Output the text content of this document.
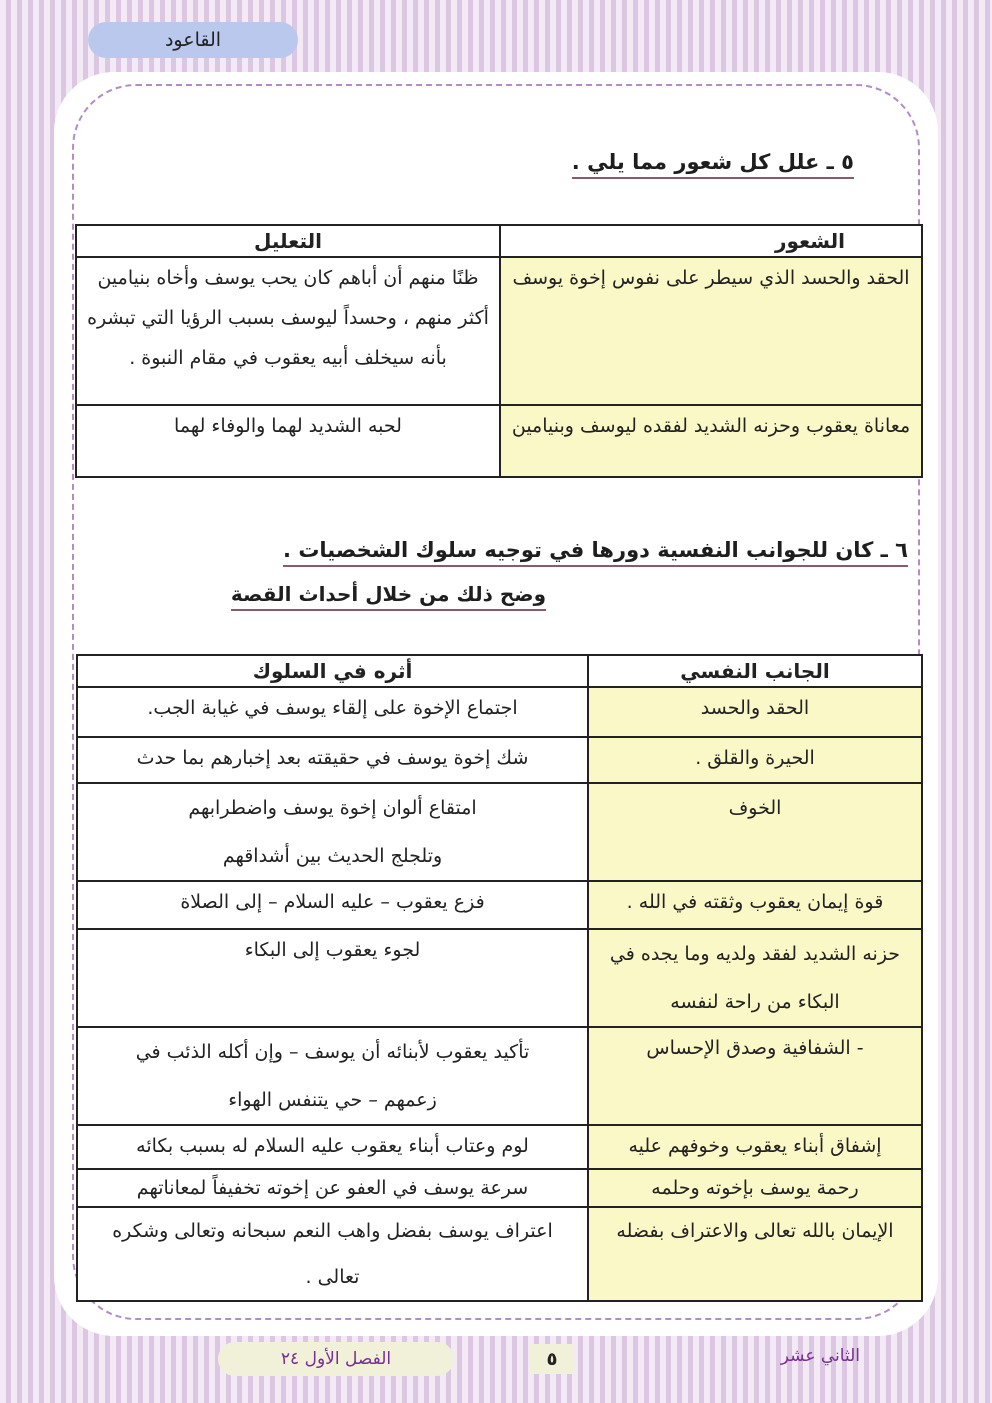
القاعود
٥ ـ علل كل شعور مما يلي .
الشعور	التعليل
الحقد والحسد الذي سيطر على نفوس إخوة يوسف	ظنًا منهم أن أباهم كان يحب يوسف وأخاه بنيامين أكثر منهم ، وحسداً ليوسف بسبب الرؤيا التي تبشره بأنه سيخلف أبيه يعقوب في مقام النبوة .
معاناة يعقوب وحزنه الشديد لفقده ليوسف وبنيامين	لحبه الشديد لهما والوفاء لهما
٦ ـ كان للجوانب النفسية دورها في توجيه سلوك الشخصيات .
وضح ذلك من خلال أحداث القصة
الجانب النفسي	أثره في السلوك
الحقد والحسد	اجتماع الإخوة على إلقاء يوسف في غيابة الجب.
الحيرة والقلق .	شك إخوة يوسف في حقيقته بعد إخبارهم بما حدث
الخوف	امتقاع ألوان إخوة يوسف واضطرابهم وتلجلج الحديث بين أشداقهم
قوة إيمان يعقوب وثقته في الله .	فزع يعقوب – عليه السلام – إلى الصلاة
حزنه الشديد لفقد ولديه وما يجده في البكاء من راحة لنفسه	لجوء يعقوب إلى البكاء
- الشفافية وصدق الإحساس	تأكيد يعقوب لأبنائه أن يوسف – وإن أكله الذئب في زعمهم – حي يتنفس الهواء
إشفاق أبناء يعقوب وخوفهم عليه	لوم وعتاب أبناء يعقوب عليه السلام له بسبب بكائه
رحمة يوسف بإخوته وحلمه	سرعة يوسف في العفو عن إخوته تخفيفاً لمعاناتهم
الإيمان بالله تعالى والاعتراف بفضله	اعتراف يوسف بفضل واهب النعم سبحانه وتعالى وشكره تعالى .
الفصل الأول ٢٤	٥	الثاني عشر
